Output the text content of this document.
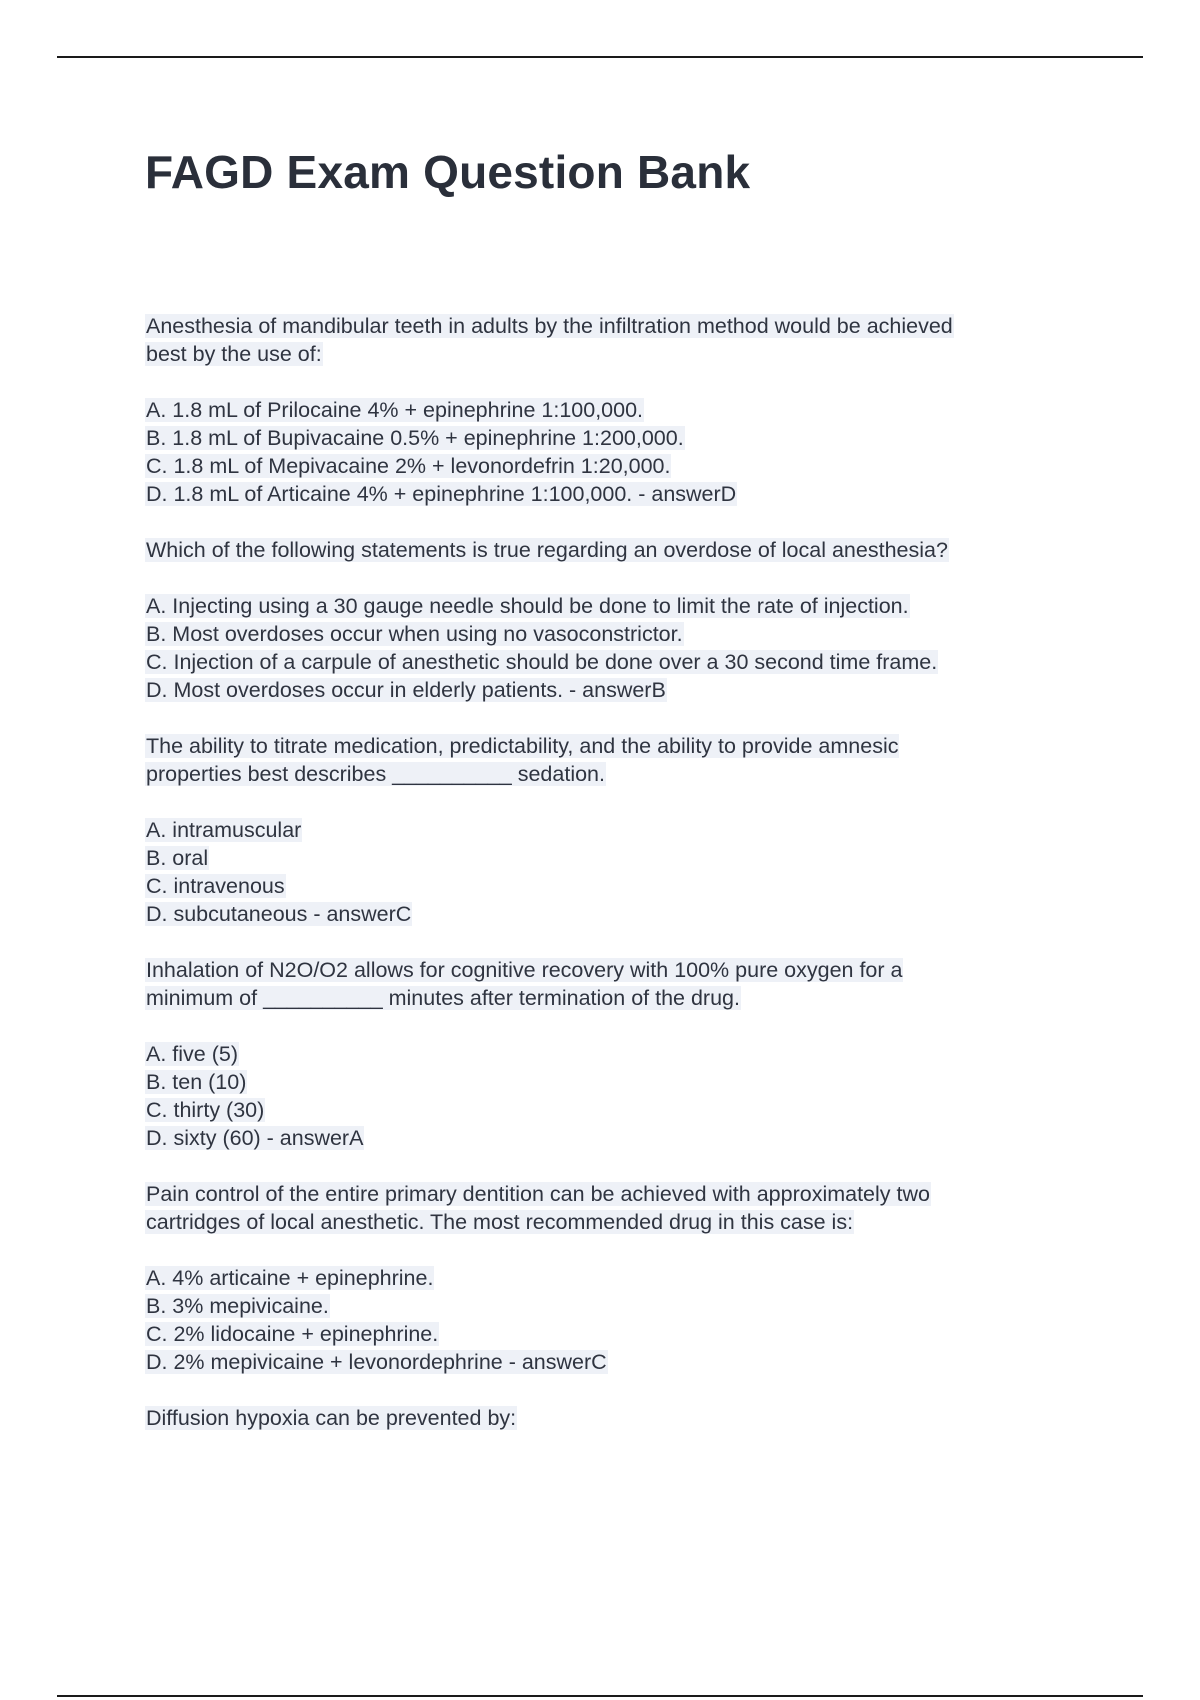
FAGD Exam Question Bank
Anesthesia of mandibular teeth in adults by the infiltration method would be achieved
best by the use of:
A. 1.8 mL of Prilocaine 4% + epinephrine 1:100,000.
B. 1.8 mL of Bupivacaine 0.5% + epinephrine 1:200,000.
C. 1.8 mL of Mepivacaine 2% + levonordefrin 1:20,000.
D. 1.8 mL of Articaine 4% + epinephrine 1:100,000. - answerD
Which of the following statements is true regarding an overdose of local anesthesia?
A. Injecting using a 30 gauge needle should be done to limit the rate of injection.
B. Most overdoses occur when using no vasoconstrictor.
C. Injection of a carpule of anesthetic should be done over a 30 second time frame.
D. Most overdoses occur in elderly patients. - answerB
The ability to titrate medication, predictability, and the ability to provide amnesic
properties best describes __________ sedation.
A. intramuscular
B. oral
C. intravenous
D. subcutaneous - answerC
Inhalation of N2O/O2 allows for cognitive recovery with 100% pure oxygen for a
minimum of __________ minutes after termination of the drug.
A. five (5)
B. ten (10)
C. thirty (30)
D. sixty (60) - answerA
Pain control of the entire primary dentition can be achieved with approximately two
cartridges of local anesthetic. The most recommended drug in this case is:
A. 4% articaine + epinephrine.
B. 3% mepivicaine.
C. 2% lidocaine + epinephrine.
D. 2% mepivicaine + levonordephrine - answerC
Diffusion hypoxia can be prevented by:
